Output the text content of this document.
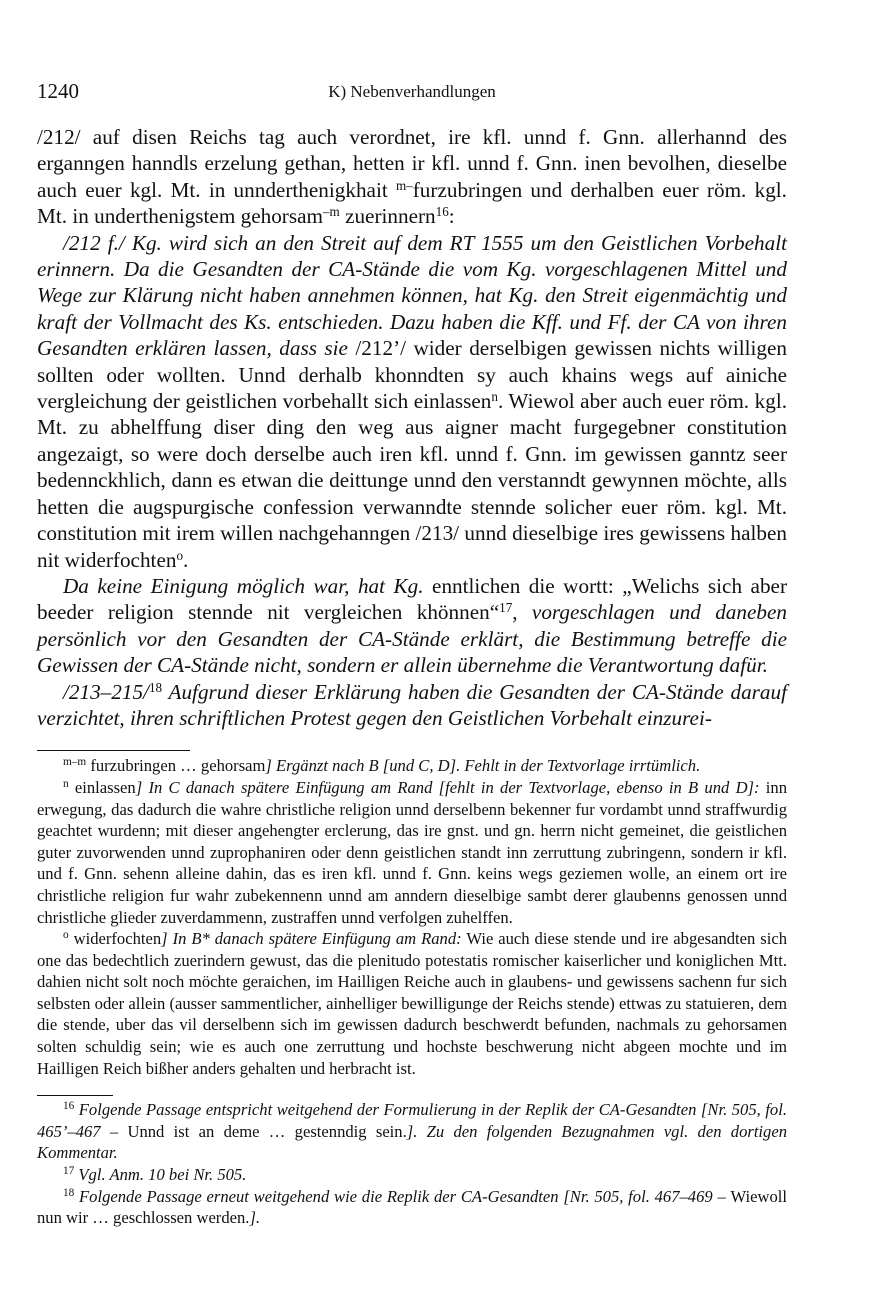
1240	K) Nebenverhandlungen

/212/ auf disen Reichs tag auch verordnet, ire kfl. unnd f. Gnn. allerhannd des erganngen hanndls erzelung gethan, hetten ir kfl. unnd f. Gnn. inen bevolhen, dieselbe auch euer kgl. Mt. in unnderthenigkhait $^{m-}$furzubringen und derhalben euer röm. kgl. Mt. in underthenigstem gehorsam$^{-m}$ zuerinnern$^{16}$:

/212 f./ Kg. wird sich an den Streit auf dem RT 1555 um den Geistlichen Vorbehalt erinnern. Da die Gesandten der CA-Stände die vom Kg. vorgeschlagenen Mittel und Wege zur Klärung nicht haben annehmen können, hat Kg. den Streit eigenmächtig und kraft der Vollmacht des Ks. entschieden. Dazu haben die Kff. und Ff. der CA von ihren Gesandten erklären lassen, dass sie /212’/ wider derselbigen gewissen nichts willigen sollten oder wollten. Unnd derhalb khonndten sy auch khains wegs auf ainiche vergleichung der geistlichen vorbehallt sich einlassen$^n$. Wiewol aber auch euer röm. kgl. Mt. zu abhelffung diser ding den weg aus aigner macht furgegebner constitution angezaigt, so were doch derselbe auch iren kfl. unnd f. Gnn. im gewissen ganntz seer bedennckhlich, dann es etwan die deittunge unnd den verstanndt gewynnen möchte, alls hetten die augspurgische confession verwanndte stennde solicher euer röm. kgl. Mt. constitution mit irem willen nachgehanngen /213/ unnd dieselbige ires gewissens halben nit widerfochten$^o$.

Da keine Einigung möglich war, hat Kg. enntlichen die wortt: „Welichs sich aber beeder religion stennde nit vergleichen khönnen“$^{17}$, vorgeschlagen und daneben persönlich vor den Gesandten der CA-Stände erklärt, die Bestimmung betreffe die Gewissen der CA-Stände nicht, sondern er allein übernehme die Verantwortung dafür.

/213–215/$^{18}$ Aufgrund dieser Erklärung haben die Gesandten der CA-Stände darauf verzichtet, ihren schriftlichen Protest gegen den Geistlichen Vorbehalt einzurei-

$^{m-m}$ furzubringen … gehorsam] Ergänzt nach B [und C, D]. Fehlt in der Textvorlage irrtümlich.

$^n$ einlassen] In C danach spätere Einfügung am Rand [fehlt in der Textvorlage, ebenso in B und D]: inn erwegung, das dadurch die wahre christliche religion unnd derselbenn bekenner fur vordambt unnd straffwurdig geachtet wurdenn; mit dieser angehengter erclerung, das ire gnst. und gn. herrn nicht gemeinet, die geistlichen guter zuvorwenden unnd zuprophaniren oder denn geistlichen standt inn zerruttung zubringenn, sondern ir kfl. und f. Gnn. sehenn alleine dahin, das es iren kfl. unnd f. Gnn. keins wegs geziemen wolle, an einem ort ire christliche religion fur wahr zubekennenn unnd am anndern dieselbige sambt derer glaubenns genossen unnd christliche glieder zuverdammenn, zustraffen unnd verfolgen zuhelffen.

$^o$ widerfochten] In B* danach spätere Einfügung am Rand: Wie auch diese stende und ire abgesandten sich one das bedechtlich zuerindern gewust, das die plenitudo potestatis romischer kaiserlicher und koniglichen Mtt. dahien nicht solt noch möchte geraichen, im Hailligen Reiche auch in glaubens- und gewissens sachenn fur sich selbsten oder allein (ausser sammentlicher, ainhelliger bewilligunge der Reichs stende) ettwas zu statuieren, dem die stende, uber das vil derselbenn sich im gewissen dadurch beschwerdt befunden, nachmals zu gehorsamen solten schuldig sein; wie es auch one zerruttung und hochste beschwerung nicht abgeen mochte und im Hailligen Reich bißher anders gehalten und herbracht ist.

$^{16}$ Folgende Passage entspricht weitgehend der Formulierung in der Replik der CA-Gesandten [Nr. 505, fol. 465’–467 – Unnd ist an deme … gestenndig sein.]. Zu den folgenden Bezugnahmen vgl. den dortigen Kommentar.

$^{17}$ Vgl. Anm. 10 bei Nr. 505.

$^{18}$ Folgende Passage erneut weitgehend wie die Replik der CA-Gesandten [Nr. 505, fol. 467–469 – Wiewoll nun wir … geschlossen werden.].
